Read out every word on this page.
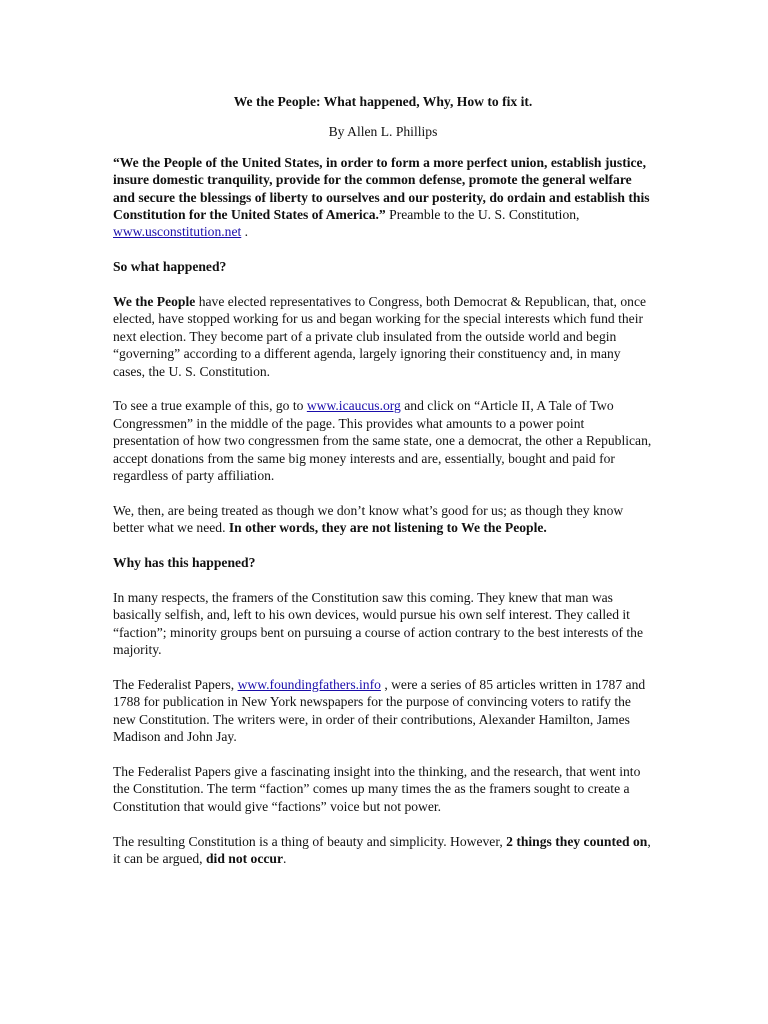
We the People: What happened, Why, How to fix it.

By Allen L. Phillips

“We the People of the United States, in order to form a more perfect union, establish justice, insure domestic tranquility, provide for the common defense, promote the general welfare and secure the blessings of liberty to ourselves and our posterity, do ordain and establish this Constitution for the United States of America.” Preamble to the U. S. Constitution, www.usconstitution.net .

So what happened?

We the People have elected representatives to Congress, both Democrat & Republican, that, once elected, have stopped working for us and began working for the special interests which fund their next election. They become part of a private club insulated from the outside world and begin “governing” according to a different agenda, largely ignoring their constituency and, in many cases, the U. S. Constitution.

To see a true example of this, go to www.icaucus.org and click on “Article II, A Tale of Two Congressmen” in the middle of the page. This provides what amounts to a power point presentation of how two congressmen from the same state, one a democrat, the other a Republican, accept donations from the same big money interests and are, essentially, bought and paid for regardless of party affiliation.

We, then, are being treated as though we don’t know what’s good for us; as though they know better what we need. In other words, they are not listening to We the People.

Why has this happened?

In many respects, the framers of the Constitution saw this coming. They knew that man was basically selfish, and, left to his own devices, would pursue his own self interest. They called it “faction”; minority groups bent on pursuing a course of action contrary to the best interests of the majority.

The Federalist Papers, www.foundingfathers.info , were a series of 85 articles written in 1787 and 1788 for publication in New York newspapers for the purpose of convincing voters to ratify the new Constitution. The writers were, in order of their contributions, Alexander Hamilton, James Madison and John Jay.

The Federalist Papers give a fascinating insight into the thinking, and the research, that went into the Constitution. The term “faction” comes up many times the as the framers sought to create a Constitution that would give “factions” voice but not power.

The resulting Constitution is a thing of beauty and simplicity. However, 2 things they counted on, it can be argued, did not occur.
